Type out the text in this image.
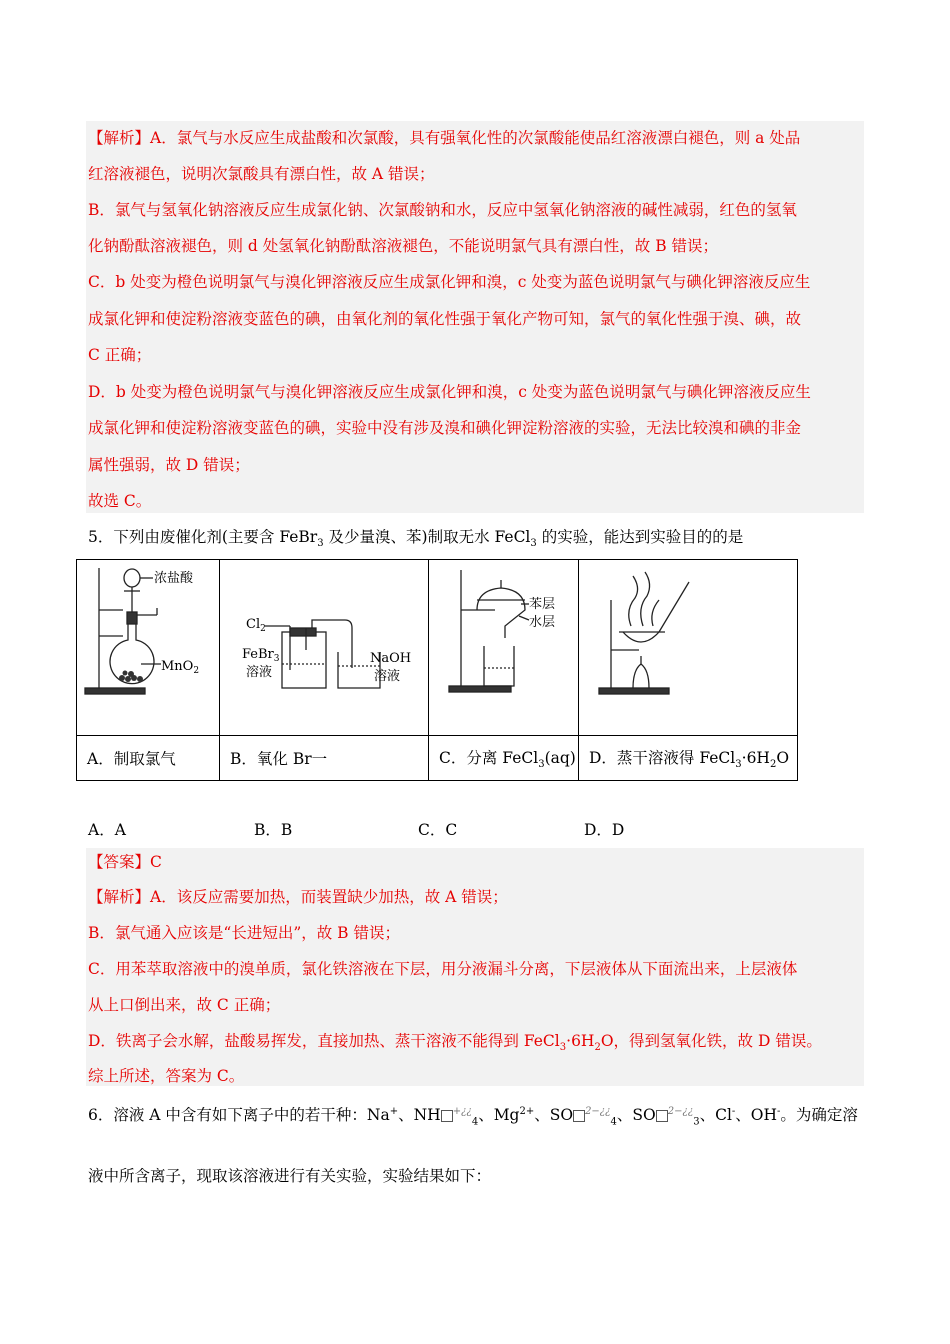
【解析】A．氯气与水反应生成盐酸和次氯酸，具有强氧化性的次氯酸能使品红溶液漂白褪色，则 a 处品
红溶液褪色，说明次氯酸具有漂白性，故 A 错误；
B．氯气与氢氧化钠溶液反应生成氯化钠、次氯酸钠和水，反应中氢氧化钠溶液的碱性减弱，红色的氢氧
化钠酚酞溶液褪色，则 d 处氢氧化钠酚酞溶液褪色，不能说明氯气具有漂白性，故 B 错误；
C．b 处变为橙色说明氯气与溴化钾溶液反应生成氯化钾和溴，c 处变为蓝色说明氯气与碘化钾溶液反应生
成氯化钾和使淀粉溶液变蓝色的碘，由氧化剂的氧化性强于氧化产物可知，氯气的氧化性强于溴、碘，故
C 正确；
D．b 处变为橙色说明氯气与溴化钾溶液反应生成氯化钾和溴，c 处变为蓝色说明氯气与碘化钾溶液反应生
成氯化钾和使淀粉溶液变蓝色的碘，实验中没有涉及溴和碘化钾淀粉溶液的实验，无法比较溴和碘的非金
属性强弱，故 D 错误；
故选 C。
5．下列由废催化剂(主要含 FeBr$_3$ 及少量溴、苯)制取无水 FeCl$_3$ 的实验，能达到实验目的的是
浓盐酸
MnO$_2$	$Cl_2$
FeBr$_3$
溶液
NaOH
溶液	苯层
水层

A．制取氯气	B．氧化 Br一	C．分离 FeCl$_3$(aq)	D．蒸干溶液得 $FeCl_3\cdot 6H_2O$
A．A	B．B	C．C	D．D
【答案】C
【解析】A．该反应需要加热，而装置缺少加热，故 A 错误；
B．氯气通入应该是“长进短出”，故 B 错误；
C．用苯萃取溶液中的溴单质，氯化铁溶液在下层，用分液漏斗分离，下层液体从下面流出来，上层液体
从上口倒出来，故 C 正确；
D．铁离子会水解，盐酸易挥发，直接加热、蒸干溶液不能得到 $FeCl_3\cdot 6H_2O$，得到氢氧化铁，故 D 错误。
综上所述，答案为 C。
6．溶液 A 中含有如下离子中的若干种：Na+、NH +¿¿$_4$、$Mg^{2+}$、SO $^{2-¿¿}_4$、SO $^{2-¿¿}_3$、Cl-、OH-。为确定溶
液中所含离子，现取该溶液进行有关实验，实验结果如下：
